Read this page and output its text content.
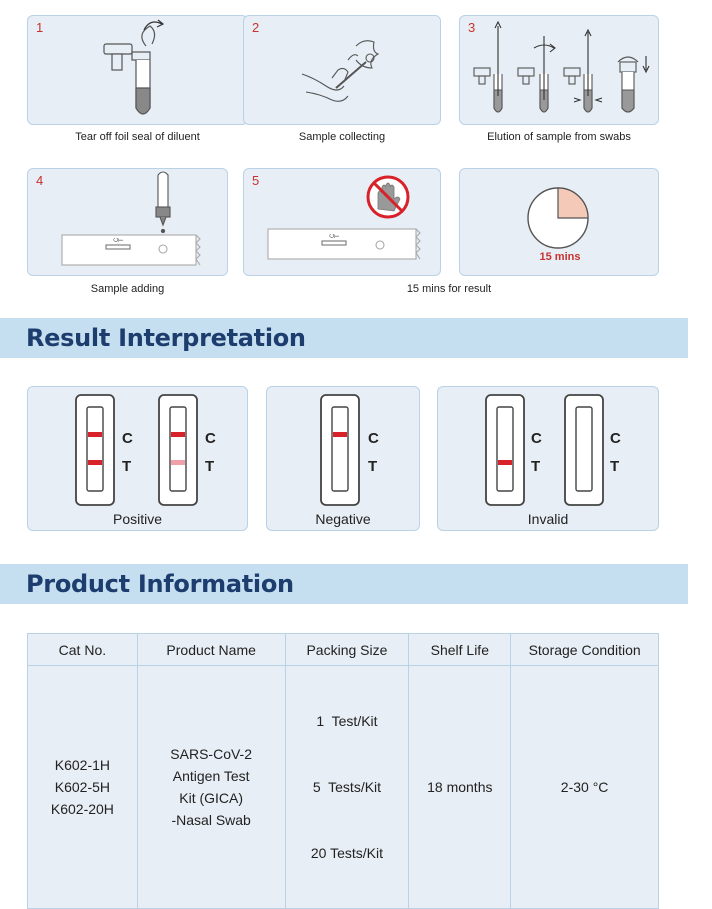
1
Tear off foil seal of diluent
2
Sample collecting
3
Elution of sample from swabs
4
C T
Sample adding
5
C T
15 mins for result
15 mins
Result Interpretation
C
T
C
T
Positive
C
T
Negative
C
T
C
T
Invalid
Product Information
Cat No.	Product Name	Packing Size	Shelf Life	Storage Condition

K602-1H
K602-5H
K602-20H	SARS-CoV-2
Antigen Test
Kit (GICA)
-Nasal Swab	1  Test/Kit

5  Tests/Kit

20 Tests/Kit	18 months	2-30 °C
